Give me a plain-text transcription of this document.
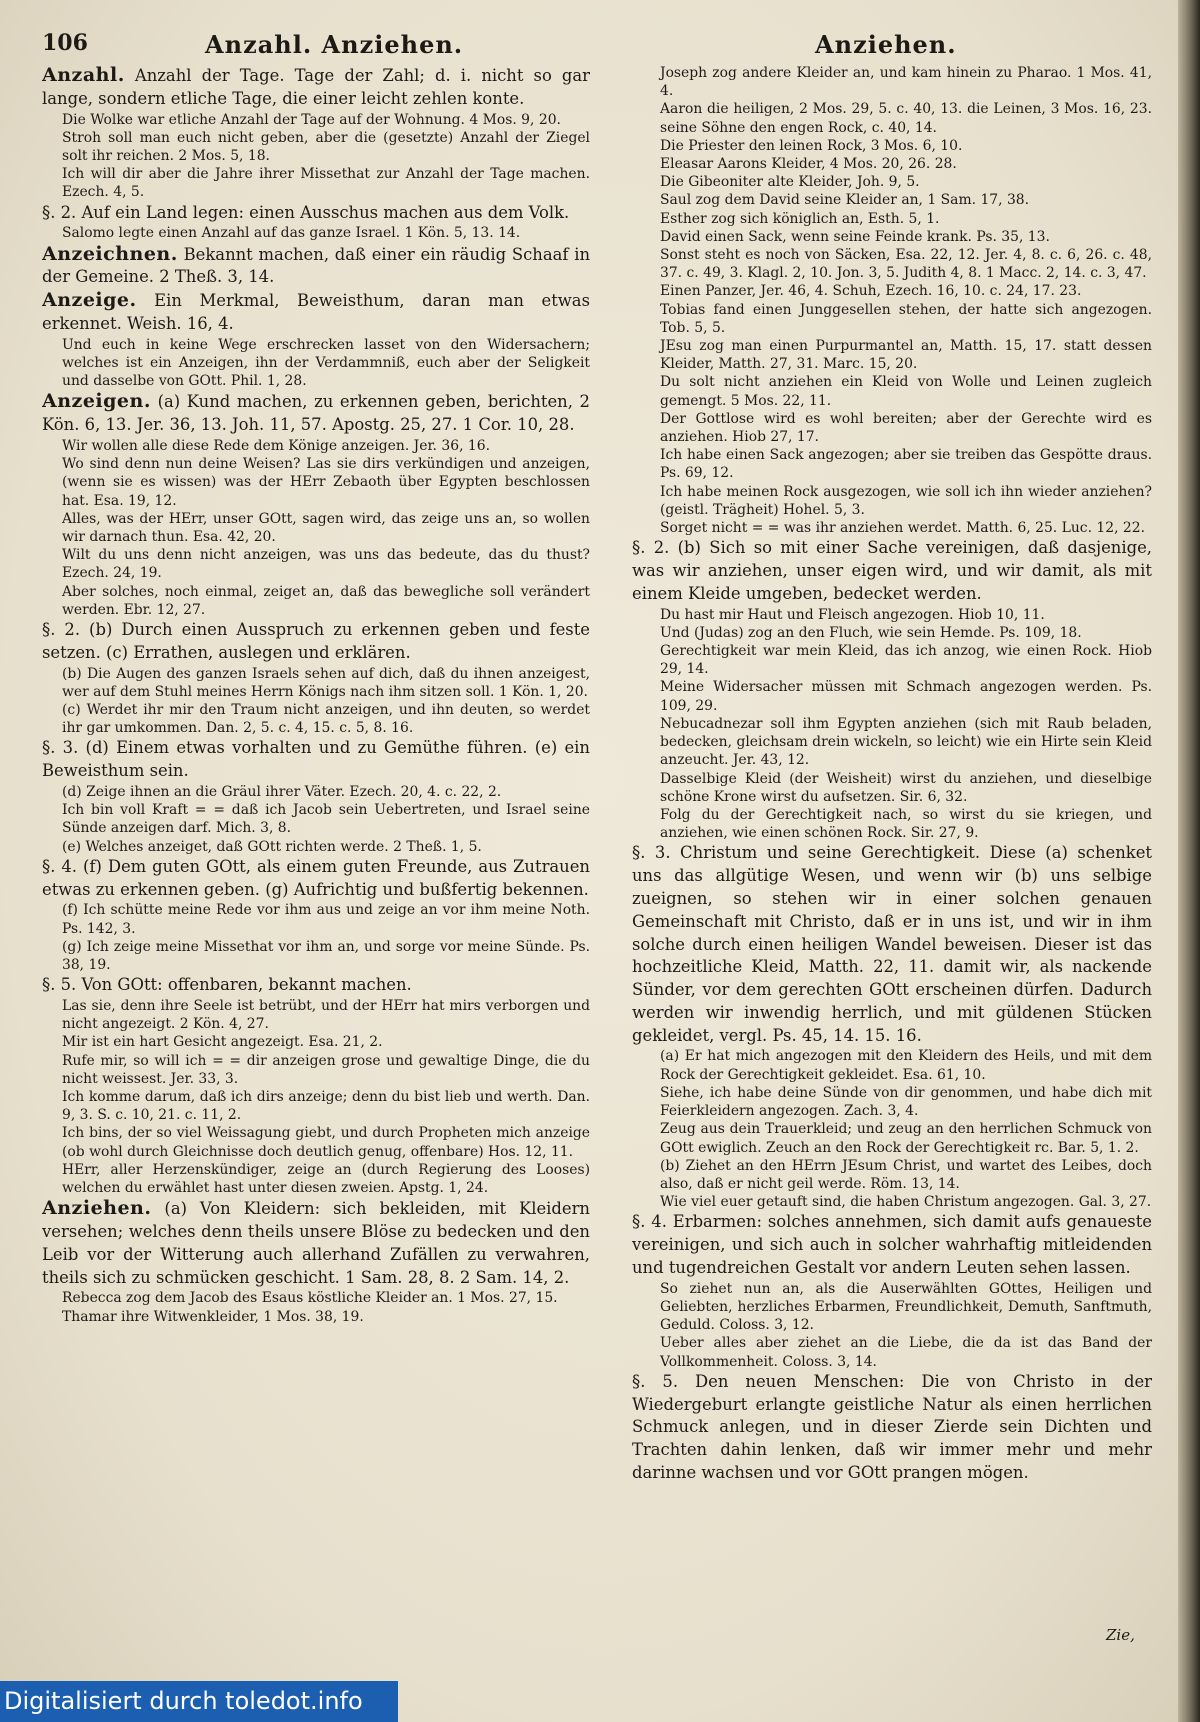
106	Anzahl. Anziehen.	Anziehen.

Anzahl. Anzahl der Tage. Tage der Zahl; d. i. nicht so gar lange, sondern etliche Tage, die einer leicht zehlen konte.

Die Wolke war etliche Anzahl der Tage auf der Wohnung. 4 Mos. 9, 20.

Stroh soll man euch nicht geben, aber die (gesetzte) Anzahl der Ziegel solt ihr reichen. 2 Mos. 5, 18.

Ich will dir aber die Jahre ihrer Missethat zur Anzahl der Tage machen. Ezech. 4, 5.

§. 2. Auf ein Land legen: einen Ausschus machen aus dem Volk.

Salomo legte einen Anzahl auf das ganze Israel. 1 Kön. 5, 13. 14.

Anzeichnen. Bekannt machen, daß einer ein räudig Schaaf in der Gemeine. 2 Theß. 3, 14.

Anzeige. Ein Merkmal, Beweisthum, daran man etwas erkennet. Weish. 16, 4.

Und euch in keine Wege erschrecken lasset von den Widersachern; welches ist ein Anzeigen, ihn der Verdammniß, euch aber der Seligkeit und dasselbe von GOtt. Phil. 1, 28.

Anzeigen. (a) Kund machen, zu erkennen geben, berichten, 2 Kön. 6, 13. Jer. 36, 13. Joh. 11, 57. Apostg. 25, 27. 1 Cor. 10, 28.

Wir wollen alle diese Rede dem Könige anzeigen. Jer. 36, 16.

Wo sind denn nun deine Weisen? Las sie dirs verkündigen und anzeigen, (wenn sie es wissen) was der HErr Zebaoth über Egypten beschlossen hat. Esa. 19, 12.

Alles, was der HErr, unser GOtt, sagen wird, das zeige uns an, so wollen wir darnach thun. Esa. 42, 20.

Wilt du uns denn nicht anzeigen, was uns das bedeute, das du thust? Ezech. 24, 19.

Aber solches, noch einmal, zeiget an, daß das bewegliche soll verändert werden. Ebr. 12, 27.

§. 2. (b) Durch einen Ausspruch zu erkennen geben und feste setzen. (c) Errathen, auslegen und erklären.

(b) Die Augen des ganzen Israels sehen auf dich, daß du ihnen anzeigest, wer auf dem Stuhl meines Herrn Königs nach ihm sitzen soll. 1 Kön. 1, 20.

(c) Werdet ihr mir den Traum nicht anzeigen, und ihn deuten, so werdet ihr gar umkommen. Dan. 2, 5. c. 4, 15. c. 5, 8. 16.

§. 3. (d) Einem etwas vorhalten und zu Gemüthe führen. (e) ein Beweisthum sein.

(d) Zeige ihnen an die Gräul ihrer Väter. Ezech. 20, 4. c. 22, 2.

Ich bin voll Kraft = = daß ich Jacob sein Uebertreten, und Israel seine Sünde anzeigen darf. Mich. 3, 8.

(e) Welches anzeiget, daß GOtt richten werde. 2 Theß. 1, 5.

§. 4. (f) Dem guten GOtt, als einem guten Freunde, aus Zutrauen etwas zu erkennen geben. (g) Aufrichtig und bußfertig bekennen.

(f) Ich schütte meine Rede vor ihm aus und zeige an vor ihm meine Noth. Ps. 142, 3.

(g) Ich zeige meine Missethat vor ihm an, und sorge vor meine Sünde. Ps. 38, 19.

§. 5. Von GOtt: offenbaren, bekannt machen.

Las sie, denn ihre Seele ist betrübt, und der HErr hat mirs verborgen und nicht angezeigt. 2 Kön. 4, 27.

Mir ist ein hart Gesicht angezeigt. Esa. 21, 2.

Rufe mir, so will ich = = dir anzeigen grose und gewaltige Dinge, die du nicht weissest. Jer. 33, 3.

Ich komme darum, daß ich dirs anzeige; denn du bist lieb und werth. Dan. 9, 3. S. c. 10, 21. c. 11, 2.

Ich bins, der so viel Weissagung giebt, und durch Propheten mich anzeige (ob wohl durch Gleichnisse doch deutlich genug, offenbare) Hos. 12, 11.

HErr, aller Herzenskündiger, zeige an (durch Regierung des Looses) welchen du erwählet hast unter diesen zweien. Apstg. 1, 24.

Anziehen. (a) Von Kleidern: sich bekleiden, mit Kleidern versehen; welches denn theils unsere Blöse zu bedecken und den Leib vor der Witterung auch allerhand Zufällen zu verwahren, theils sich zu schmücken geschicht. 1 Sam. 28, 8. 2 Sam. 14, 2.

Rebecca zog dem Jacob des Esaus köstliche Kleider an. 1 Mos. 27, 15.

Thamar ihre Witwenkleider, 1 Mos. 38, 19.

Joseph zog andere Kleider an, und kam hinein zu Pharao. 1 Mos. 41, 4.

Aaron die heiligen, 2 Mos. 29, 5. c. 40, 13. die Leinen, 3 Mos. 16, 23. seine Söhne den engen Rock, c. 40, 14.

Die Priester den leinen Rock, 3 Mos. 6, 10.

Eleasar Aarons Kleider, 4 Mos. 20, 26. 28.

Die Gibeoniter alte Kleider, Joh. 9, 5.

Saul zog dem David seine Kleider an, 1 Sam. 17, 38.

Esther zog sich königlich an, Esth. 5, 1.

David einen Sack, wenn seine Feinde krank. Ps. 35, 13.

Sonst steht es noch von Säcken, Esa. 22, 12. Jer. 4, 8. c. 6, 26. c. 48, 37. c. 49, 3. Klagl. 2, 10. Jon. 3, 5. Judith 4, 8. 1 Macc. 2, 14. c. 3, 47.

Einen Panzer, Jer. 46, 4. Schuh, Ezech. 16, 10. c. 24, 17. 23.

Tobias fand einen Junggesellen stehen, der hatte sich angezogen. Tob. 5, 5.

JEsu zog man einen Purpurmantel an, Matth. 15, 17. statt dessen Kleider, Matth. 27, 31. Marc. 15, 20.

Du solt nicht anziehen ein Kleid von Wolle und Leinen zugleich gemengt. 5 Mos. 22, 11.

Der Gottlose wird es wohl bereiten; aber der Gerechte wird es anziehen. Hiob 27, 17.

Ich habe einen Sack angezogen; aber sie treiben das Gespötte draus. Ps. 69, 12.

Ich habe meinen Rock ausgezogen, wie soll ich ihn wieder anziehen? (geistl. Trägheit) Hohel. 5, 3.

Sorget nicht = = was ihr anziehen werdet. Matth. 6, 25. Luc. 12, 22.

§. 2. (b) Sich so mit einer Sache vereinigen, daß dasjenige, was wir anziehen, unser eigen wird, und wir damit, als mit einem Kleide umgeben, bedecket werden.

Du hast mir Haut und Fleisch angezogen. Hiob 10, 11.

Und (Judas) zog an den Fluch, wie sein Hemde. Ps. 109, 18.

Gerechtigkeit war mein Kleid, das ich anzog, wie einen Rock. Hiob 29, 14.

Meine Widersacher müssen mit Schmach angezogen werden. Ps. 109, 29.

Nebucadnezar soll ihm Egypten anziehen (sich mit Raub beladen, bedecken, gleichsam drein wickeln, so leicht) wie ein Hirte sein Kleid anzeucht. Jer. 43, 12.

Dasselbige Kleid (der Weisheit) wirst du anziehen, und dieselbige schöne Krone wirst du aufsetzen. Sir. 6, 32.

Folg du der Gerechtigkeit nach, so wirst du sie kriegen, und anziehen, wie einen schönen Rock. Sir. 27, 9.

§. 3. Christum und seine Gerechtigkeit. Diese (a) schenket uns das allgütige Wesen, und wenn wir (b) uns selbige zueignen, so stehen wir in einer solchen genauen Gemeinschaft mit Christo, daß er in uns ist, und wir in ihm solche durch einen heiligen Wandel beweisen. Dieser ist das hochzeitliche Kleid, Matth. 22, 11. damit wir, als nackende Sünder, vor dem gerechten GOtt erscheinen dürfen. Dadurch werden wir inwendig herrlich, und mit güldenen Stücken gekleidet, vergl. Ps. 45, 14. 15. 16.

(a) Er hat mich angezogen mit den Kleidern des Heils, und mit dem Rock der Gerechtigkeit gekleidet. Esa. 61, 10.

Siehe, ich habe deine Sünde von dir genommen, und habe dich mit Feierkleidern angezogen. Zach. 3, 4.

Zeug aus dein Trauerkleid; und zeug an den herrlichen Schmuck von GOtt ewiglich. Zeuch an den Rock der Gerechtigkeit rc. Bar. 5, 1. 2.

(b) Ziehet an den HErrn JEsum Christ, und wartet des Leibes, doch also, daß er nicht geil werde. Röm. 13, 14.

Wie viel euer getauft sind, die haben Christum angezogen. Gal. 3, 27.

§. 4. Erbarmen: solches annehmen, sich damit aufs genaueste vereinigen, und sich auch in solcher wahrhaftig mitleidenden und tugendreichen Gestalt vor andern Leuten sehen lassen.

So ziehet nun an, als die Auserwählten GOttes, Heiligen und Geliebten, herzliches Erbarmen, Freundlichkeit, Demuth, Sanftmuth, Geduld. Coloss. 3, 12.

Ueber alles aber ziehet an die Liebe, die da ist das Band der Vollkommenheit. Coloss. 3, 14.

§. 5. Den neuen Menschen: Die von Christo in der Wiedergeburt erlangte geistliche Natur als einen herrlichen Schmuck anlegen, und in dieser Zierde sein Dichten und Trachten dahin lenken, daß wir immer mehr und mehr darinne wachsen und vor GOtt prangen mögen.

Zie,
Digitalisiert durch toledot.info
